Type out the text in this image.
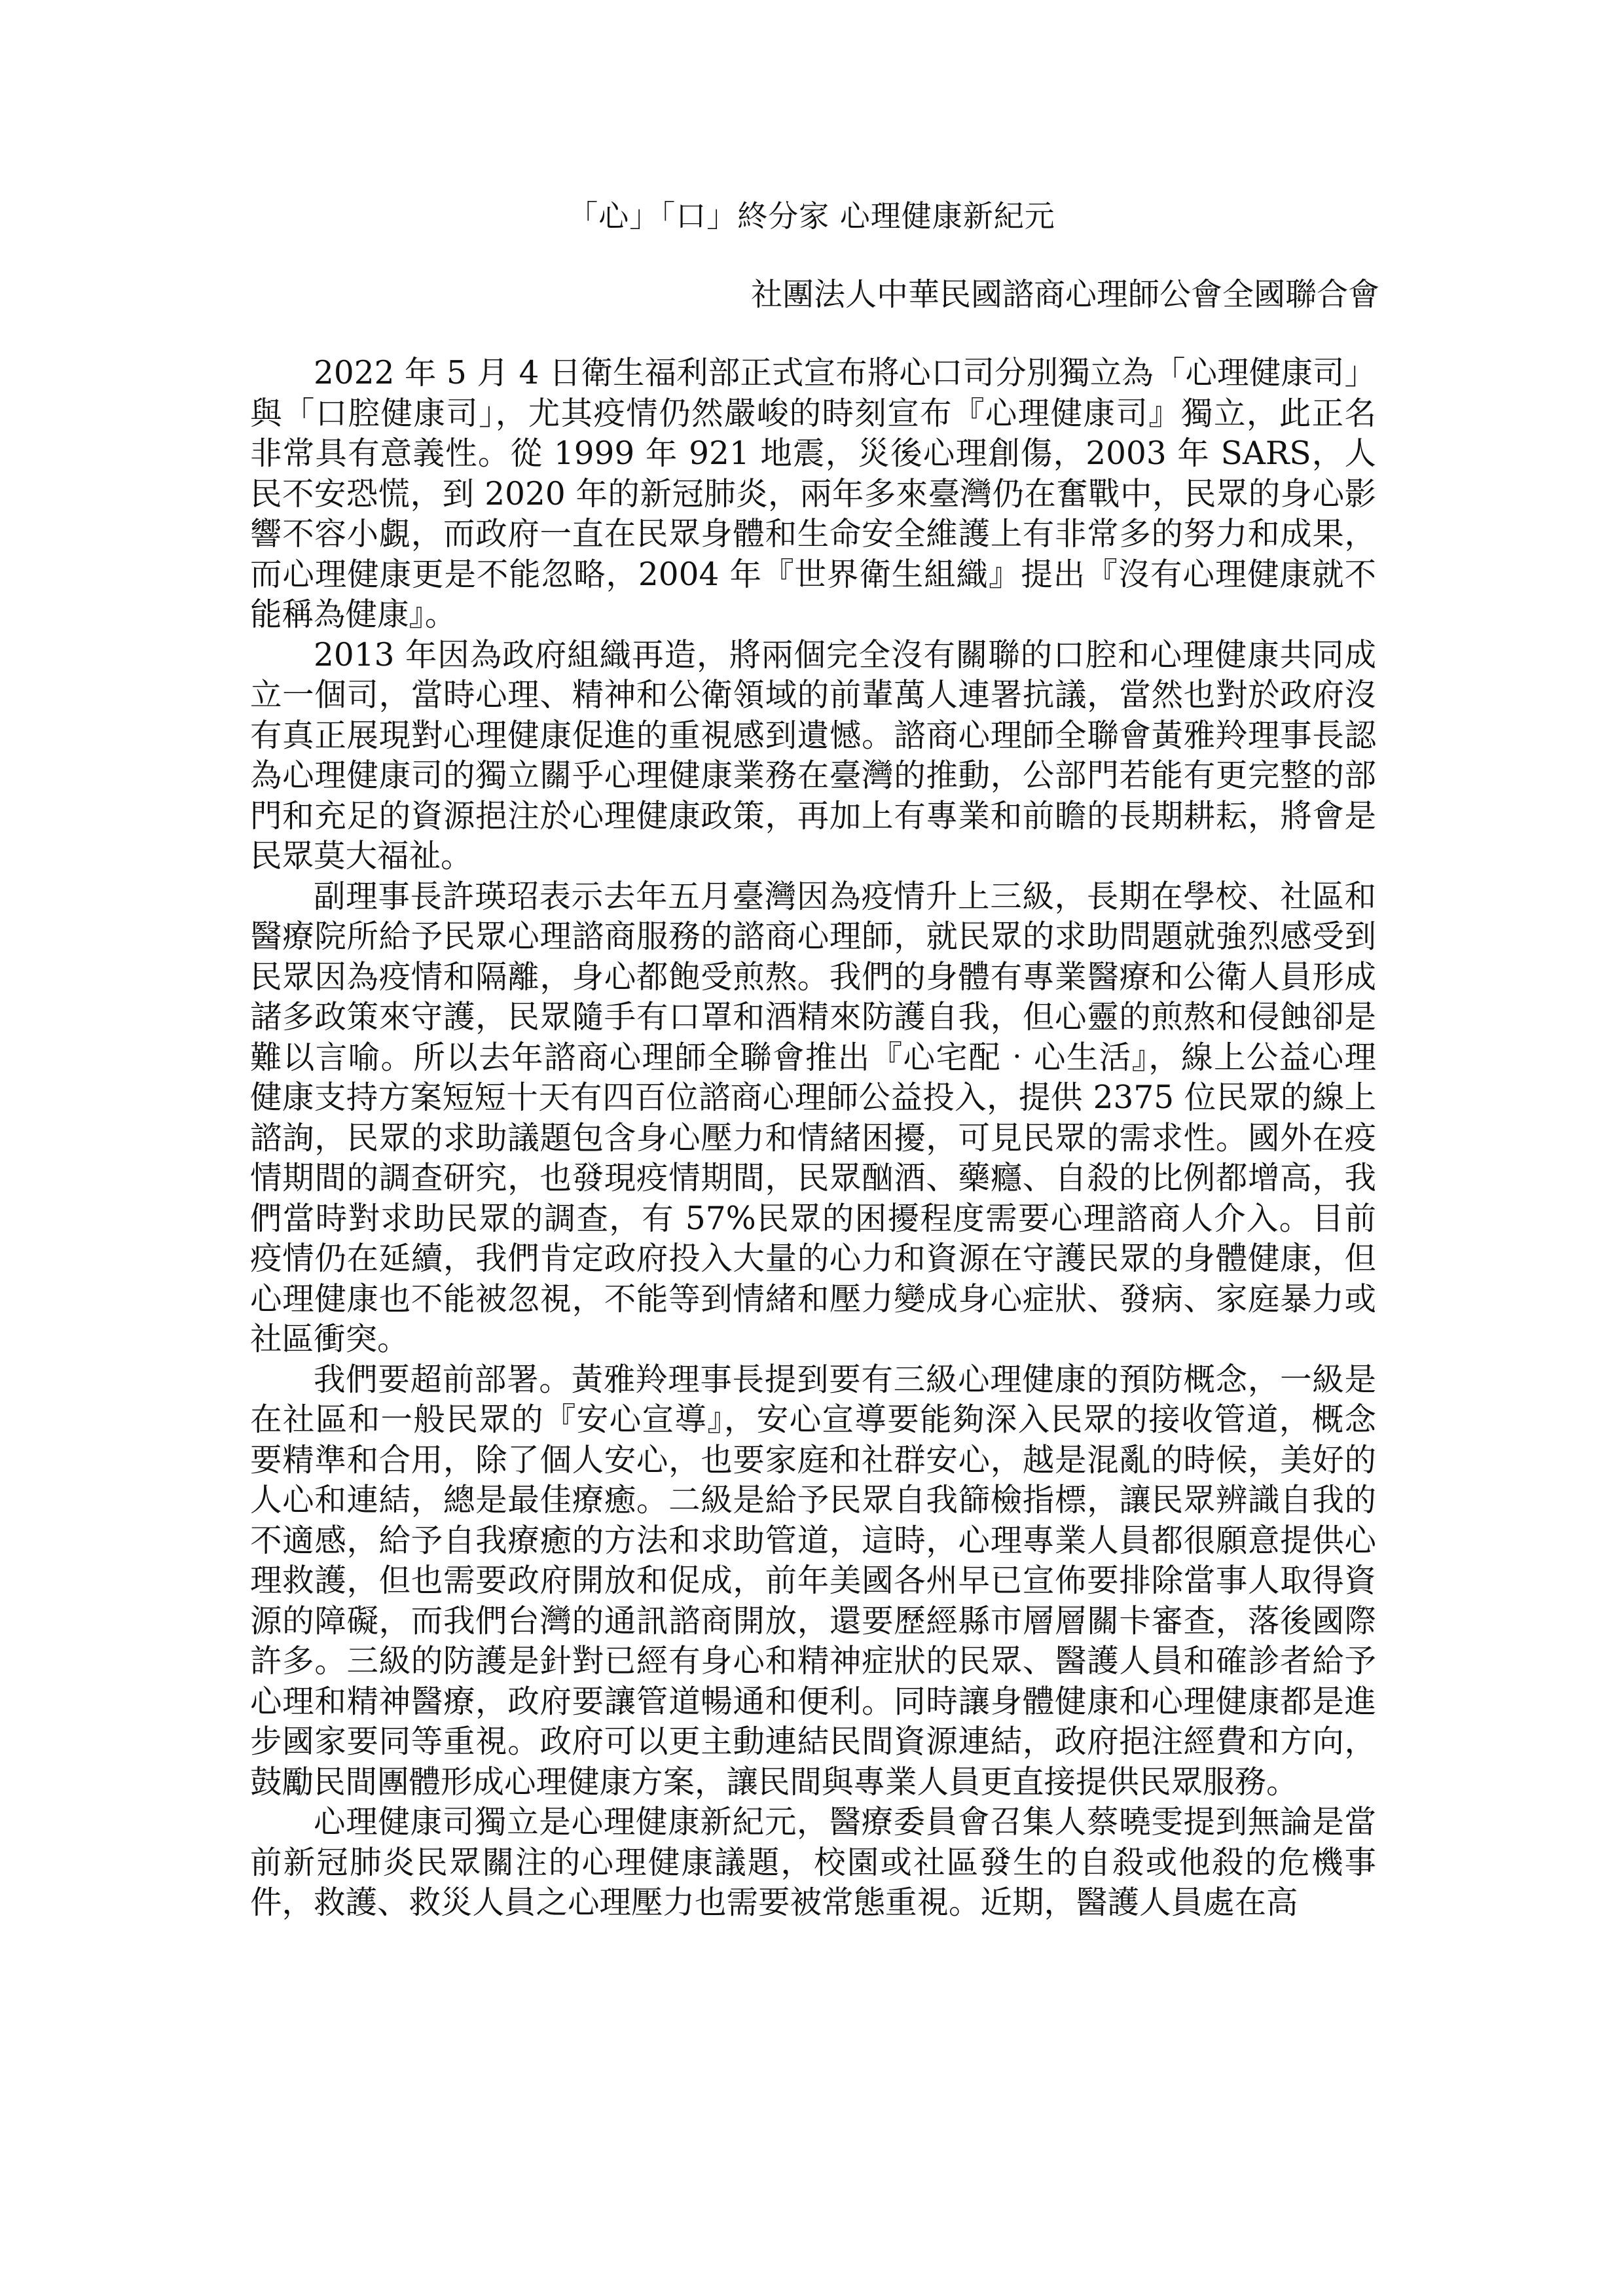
「心」「口」終分家 心理健康新紀元

社團法人中華民國諮商心理師公會全國聯合會

2022 年 5 月 4 日衛生福利部正式宣布將心口司分別獨立為「心理健康司」與「口腔健康司」，尤其疫情仍然嚴峻的時刻宣布『心理健康司』獨立，此正名非常具有意義性。從 1999 年 921 地震，災後心理創傷，2003 年 SARS，人民不安恐慌，到 2020 年的新冠肺炎，兩年多來臺灣仍在奮戰中，民眾的身心影響不容小覷，而政府一直在民眾身體和生命安全維護上有非常多的努力和成果，而心理健康更是不能忽略，2004 年『世界衛生組織』提出『沒有心理健康就不能稱為健康』。

2013 年因為政府組織再造，將兩個完全沒有關聯的口腔和心理健康共同成立一個司，當時心理、精神和公衛領域的前輩萬人連署抗議，當然也對於政府沒有真正展現對心理健康促進的重視感到遺憾。諮商心理師全聯會黃雅羚理事長認為心理健康司的獨立關乎心理健康業務在臺灣的推動，公部門若能有更完整的部門和充足的資源挹注於心理健康政策，再加上有專業和前瞻的長期耕耘，將會是民眾莫大福祉。

副理事長許瑛玿表示去年五月臺灣因為疫情升上三級，長期在學校、社區和醫療院所給予民眾心理諮商服務的諮商心理師，就民眾的求助問題就強烈感受到民眾因為疫情和隔離，身心都飽受煎熬。我們的身體有專業醫療和公衛人員形成諸多政策來守護，民眾隨手有口罩和酒精來防護自我，但心靈的煎熬和侵蝕卻是難以言喻。所以去年諮商心理師全聯會推出『心宅配‧心生活』，線上公益心理健康支持方案短短十天有四百位諮商心理師公益投入，提供 2375 位民眾的線上諮詢，民眾的求助議題包含身心壓力和情緒困擾，可見民眾的需求性。國外在疫情期間的調查研究，也發現疫情期間，民眾酗酒、藥癮、自殺的比例都增高，我們當時對求助民眾的調查，有 57%民眾的困擾程度需要心理諮商人介入。目前疫情仍在延續，我們肯定政府投入大量的心力和資源在守護民眾的身體健康，但心理健康也不能被忽視，不能等到情緒和壓力變成身心症狀、發病、家庭暴力或社區衝突。

我們要超前部署。黃雅羚理事長提到要有三級心理健康的預防概念，一級是在社區和一般民眾的『安心宣導』，安心宣導要能夠深入民眾的接收管道，概念要精準和合用，除了個人安心，也要家庭和社群安心，越是混亂的時候，美好的人心和連結，總是最佳療癒。二級是給予民眾自我篩檢指標，讓民眾辨識自我的不適感，給予自我療癒的方法和求助管道，這時，心理專業人員都很願意提供心理救護，但也需要政府開放和促成，前年美國各州早已宣佈要排除當事人取得資源的障礙，而我們台灣的通訊諮商開放，還要歷經縣市層層關卡審查，落後國際許多。三級的防護是針對已經有身心和精神症狀的民眾、醫護人員和確診者給予心理和精神醫療，政府要讓管道暢通和便利。同時讓身體健康和心理健康都是進步國家要同等重視。政府可以更主動連結民間資源連結，政府挹注經費和方向，鼓勵民間團體形成心理健康方案，讓民間與專業人員更直接提供民眾服務。

心理健康司獨立是心理健康新紀元，醫療委員會召集人蔡曉雯提到無論是當前新冠肺炎民眾關注的心理健康議題，校園或社區發生的自殺或他殺的危機事件，救護、救災人員之心理壓力也需要被常態重視。近期，醫護人員處在高
